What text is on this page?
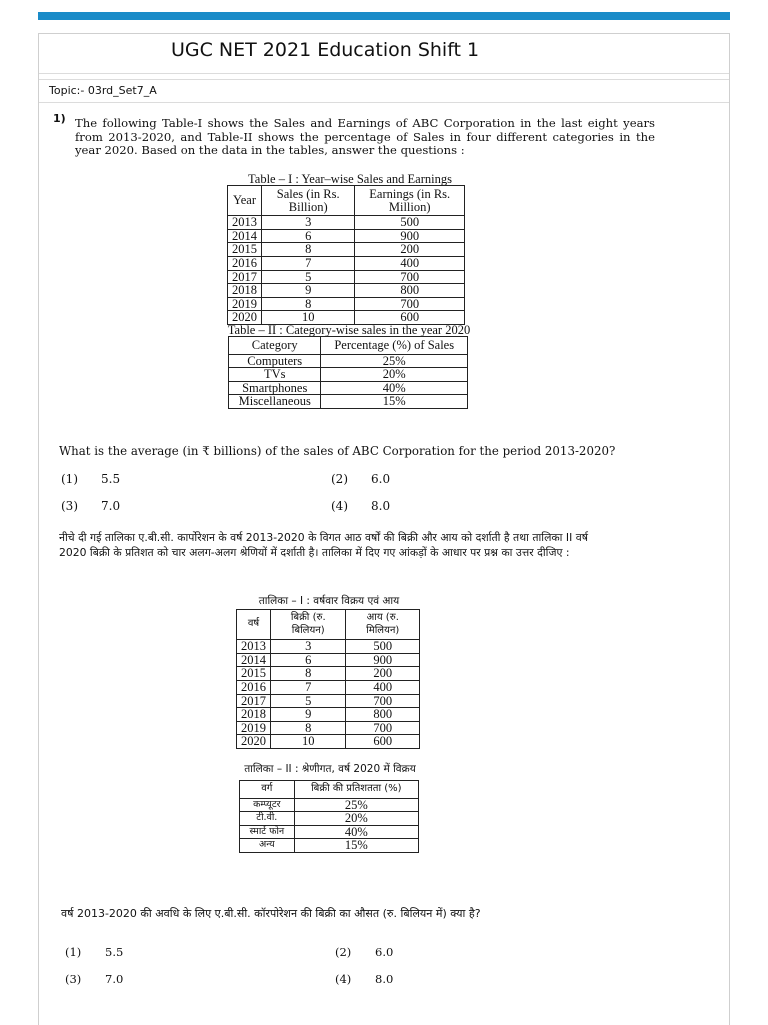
UGC NET 2021 Education Shift 1
Topic:- 03rd_Set7_A
1) The following Table-I shows the Sales and Earnings of ABC Corporation in the last eight years from 2013-2020, and Table-II shows the percentage of Sales in four different categories in the year 2020. Based on the data in the tables, answer the questions :
Table – I : Year–wise Sales and Earnings
Year	Sales (in Rs. Billion)	Earnings (in Rs. Million)
2013	3	500
2014	6	900
2015	8	200
2016	7	400
2017	5	700
2018	9	800
2019	8	700
2020	10	600
Table – II : Category-wise sales in the year 2020
Category	Percentage (%) of Sales
Computers	25%
TVs	20%
Smartphones	40%
Miscellaneous	15%
What is the average (in ₹ billions) of the sales of ABC Corporation for the period 2013-2020?
(1) 5.5	(2) 6.0
(3) 7.0	(4) 8.0
नीचे दी गई तालिका ए.बी.सी. कार्पोरेशन के वर्ष 2013-2020 के विगत आठ वर्षों की बिक्री और आय को दर्शाती है तथा तालिका II वर्ष 2020 बिक्री के प्रतिशत को चार अलग-अलग श्रेणियों में दर्शाती है। तालिका में दिए गए आंकड़ों के आधार पर प्रश्न का उत्तर दीजिए :
तालिका – I : वर्षवार विक्रय एवं आय
वर्ष	बिक्री (रु. बिलियन)	आय (रु. मिलियन)
2013	3	500
2014	6	900
2015	8	200
2016	7	400
2017	5	700
2018	9	800
2019	8	700
2020	10	600
तालिका – II : श्रेणीगत, वर्ष 2020 में विक्रय
वर्ग	बिक्री की प्रतिशतता (%)
कम्प्यूटर	25%
टी.वी.	20%
स्मार्ट फोन	40%
अन्य	15%
वर्ष 2013-2020 की अवधि के लिए ए.बी.सी. कॉरपोरेशन की बिक्री का औसत (रु. बिलियन में) क्या है?
(1) 5.5	(2) 6.0
(3) 7.0	(4) 8.0
